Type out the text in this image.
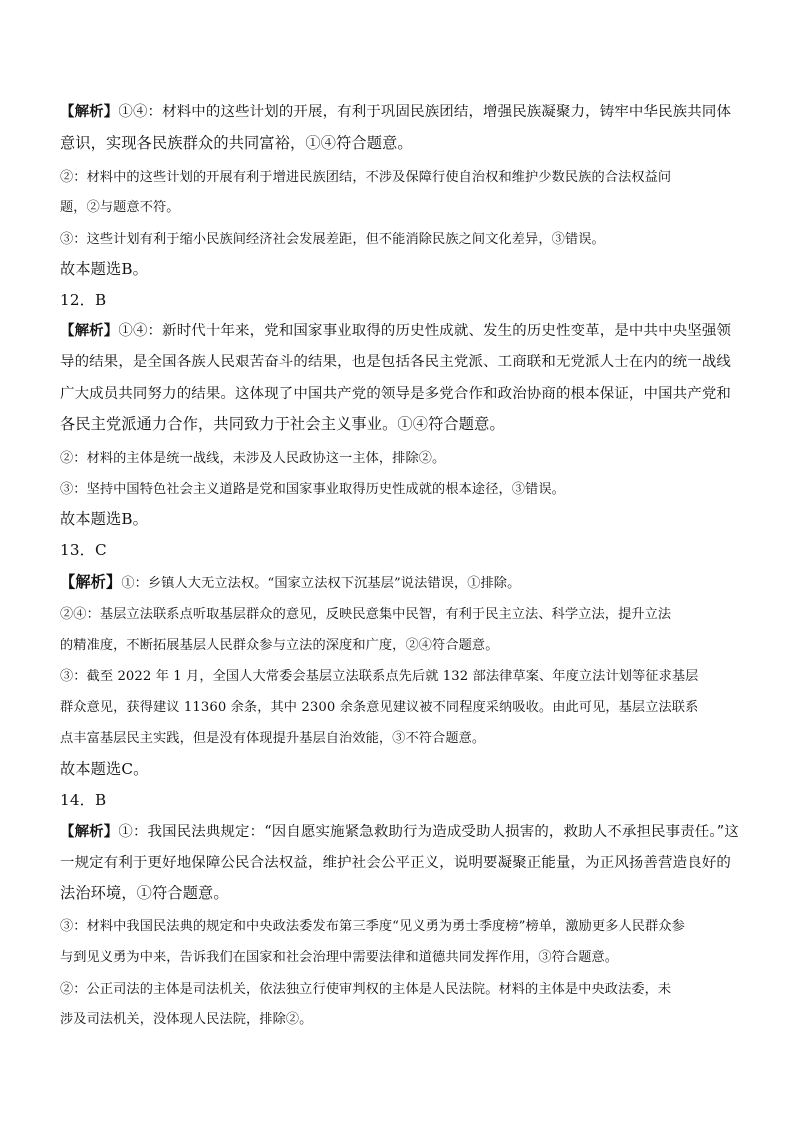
【解析】①④：材料中的这些计划的开展，有利于巩固民族团结，增强民族凝聚力，铸牢中华民族共同体
意识，实现各民族群众的共同富裕，①④符合题意。
②：材料中的这些计划的开展有利于增进民族团结，不涉及保障行使自治权和维护少数民族的合法权益问
题，②与题意不符。
③：这些计划有利于缩小民族间经济社会发展差距，但不能消除民族之间文化差异，③错误。
故本题选B。
12．B
【解析】①④：新时代十年来，党和国家事业取得的历史性成就、发生的历史性变革，是中共中央坚强领
导的结果，是全国各族人民艰苦奋斗的结果，也是包括各民主党派、工商联和无党派人士在内的统一战线
广大成员共同努力的结果。这体现了中国共产党的领导是多党合作和政治协商的根本保证，中国共产党和
各民主党派通力合作，共同致力于社会主义事业。①④符合题意。
②：材料的主体是统一战线，未涉及人民政协这一主体，排除②。
③：坚持中国特色社会主义道路是党和国家事业取得历史性成就的根本途径，③错误。
故本题选B。
13．C
【解析】①：乡镇人大无立法权。“国家立法权下沉基层”说法错误，①排除。
②④：基层立法联系点听取基层群众的意见，反映民意集中民智，有利于民主立法、科学立法，提升立法
的精准度，不断拓展基层人民群众参与立法的深度和广度，②④符合题意。
③：截至 2022 年 1 月，全国人大常委会基层立法联系点先后就 132 部法律草案、年度立法计划等征求基层
群众意见，获得建议 11360 余条，其中 2300 余条意见建议被不同程度采纳吸收。由此可见，基层立法联系
点丰富基层民主实践，但是没有体现提升基层自治效能，③不符合题意。
故本题选C。
14．B
【解析】①：我国民法典规定：“因自愿实施紧急救助行为造成受助人损害的，救助人不承担民事责任。”这
一规定有利于更好地保障公民合法权益，维护社会公平正义，说明要凝聚正能量，为正风扬善营造良好的
法治环境，①符合题意。
③：材料中我国民法典的规定和中央政法委发布第三季度“见义勇为勇士季度榜”榜单，激励更多人民群众参
与到见义勇为中来，告诉我们在国家和社会治理中需要法律和道德共同发挥作用，③符合题意。
②：公正司法的主体是司法机关，依法独立行使审判权的主体是人民法院。材料的主体是中央政法委，未
涉及司法机关，没体现人民法院，排除②。
